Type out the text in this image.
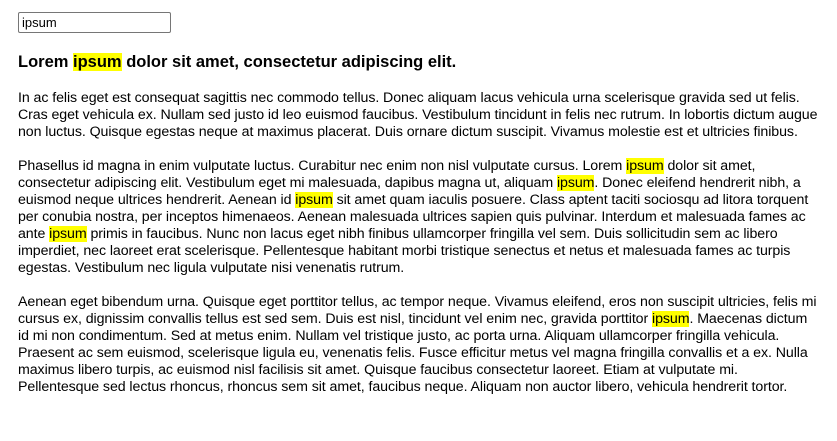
ipsum
Lorem ipsum dolor sit amet, consectetur adipiscing elit.

In ac felis eget est consequat sagittis nec commodo tellus. Donec aliquam lacus vehicula urna scelerisque gravida sed ut felis. Cras eget vehicula ex. Nullam sed justo id leo euismod faucibus. Vestibulum tincidunt in felis nec rutrum. In lobortis dictum augue non luctus. Quisque egestas neque at maximus placerat. Duis ornare dictum suscipit. Vivamus molestie est et ultricies finibus.

Phasellus id magna in enim vulputate luctus. Curabitur nec enim non nisl vulputate cursus. Lorem ipsum dolor sit amet, consectetur adipiscing elit. Vestibulum eget mi malesuada, dapibus magna ut, aliquam ipsum. Donec eleifend hendrerit nibh, a euismod neque ultrices hendrerit. Aenean id ipsum sit amet quam iaculis posuere. Class aptent taciti sociosqu ad litora torquent per conubia nostra, per inceptos himenaeos. Aenean malesuada ultrices sapien quis pulvinar. Interdum et malesuada fames ac ante ipsum primis in faucibus. Nunc non lacus eget nibh finibus ullamcorper fringilla vel sem. Duis sollicitudin sem ac libero imperdiet, nec laoreet erat scelerisque. Pellentesque habitant morbi tristique senectus et netus et malesuada fames ac turpis egestas. Vestibulum nec ligula vulputate nisi venenatis rutrum.

Aenean eget bibendum urna. Quisque eget porttitor tellus, ac tempor neque. Vivamus eleifend, eros non suscipit ultricies, felis mi cursus ex, dignissim convallis tellus est sed sem. Duis est nisl, tincidunt vel enim nec, gravida porttitor ipsum. Maecenas dictum id mi non condimentum. Sed at metus enim. Nullam vel tristique justo, ac porta urna. Aliquam ullamcorper fringilla vehicula. Praesent ac sem euismod, scelerisque ligula eu, venenatis felis. Fusce efficitur metus vel magna fringilla convallis et a ex. Nulla maximus libero turpis, ac euismod nisl facilisis sit amet. Quisque faucibus consectetur laoreet. Etiam at vulputate mi. Pellentesque sed lectus rhoncus, rhoncus sem sit amet, faucibus neque. Aliquam non auctor libero, vehicula hendrerit tortor.
